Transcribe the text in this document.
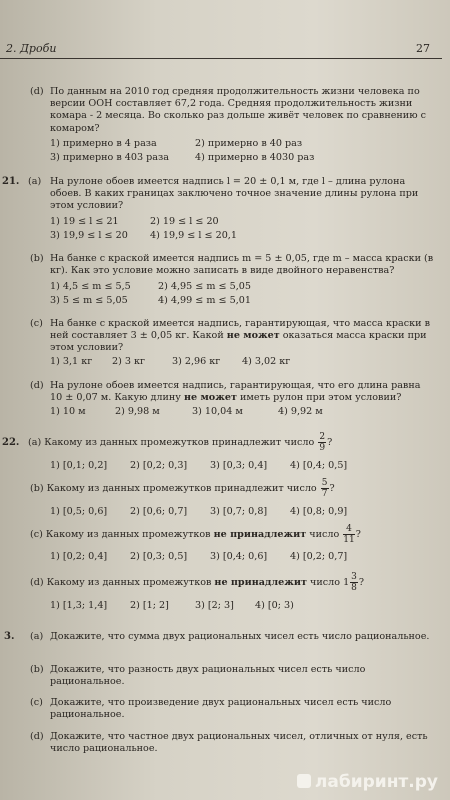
2. Дроби	27
(d) По данным на 2010 год средняя продолжительность жизни человека по версии ООН составляет 67,2 года. Средняя продолжительность жизни комара - 2 месяца. Во сколько раз дольше живёт человек по сравнению с комаром?
1) примерно в 4 раза	2) примерно в 40 раз
3) примерно в 403 раза	4) примерно в 4030 раз
21. (a) На рулоне обоев имеется надпись l = 20 ± 0,1 м, где l – длина рулона обоев. В каких границах заключено точное значение длины рулона при этом условии?
1) 19 ≤ l ≤ 21	2) 19 ≤ l ≤ 20
3) 19,9 ≤ l ≤ 20 4) 19,9 ≤ l ≤ 20,1
(b) На банке с краской имеется надпись m = 5 ± 0,05, где m – масса краски (в кг). Как это условие можно записать в виде двойного неравенства?
1) 4,5 ≤ m ≤ 5,5	2) 4,95 ≤ m ≤ 5,05
3) 5 ≤ m ≤ 5,05	4) 4,99 ≤ m ≤ 5,01
(c) На банке с краской имеется надпись, гарантирующая, что масса краски в ней составляет 3 ± 0,05 кг. Какой не может оказаться масса краски при этом условии?
1) 3,1 кг 2) 3 кг	3) 2,96 кг 4) 3,02 кг
(d) На рулоне обоев имеется надпись, гарантирующая, что его длина равна 10 ± 0,07 м. Какую длину не может иметь рулон при этом условии?
1) 10 м	2) 9,98 м	3) 10,04 м	4) 9,92 м
22. (a) Какому из данных промежутков принадлежит число $\frac{2}{9}$ ?
1) [0,1; 0,2] 2) [0,2; 0,3] 3) [0,3; 0,4] 4) [0,4; 0,5]
(b) Какому из данных промежутков принадлежит число $\frac{5}{7}$ ?
1) [0,5; 0,6] 2) [0,6; 0,7] 3) [0,7; 0,8] 4) [0,8; 0,9]
(c) Какому из данных промежутков не принадлежит число $\frac{4}{11}$ ?
1) [0,2; 0,4] 2) [0,3; 0,5] 3) [0,4; 0,6] 4) [0,2; 0,7]
(d) Какому из данных промежутков не принадлежит число $1 \frac{3}{8}$ ?
1) [1,3; 1,4] 2) [1; 2]	3) [2; 3] 4) [0; 3)
3. (a) Докажите, что сумма двух рациональных чисел есть число рациональное.
(b) Докажите, что разность двух рациональных чисел есть число рациональное.
(c) Докажите, что произведение двух рациональных чисел есть число рациональное.
(d) Докажите, что частное двух рациональных чисел, отличных от нуля, есть число рациональное.
лабиринт.ру
